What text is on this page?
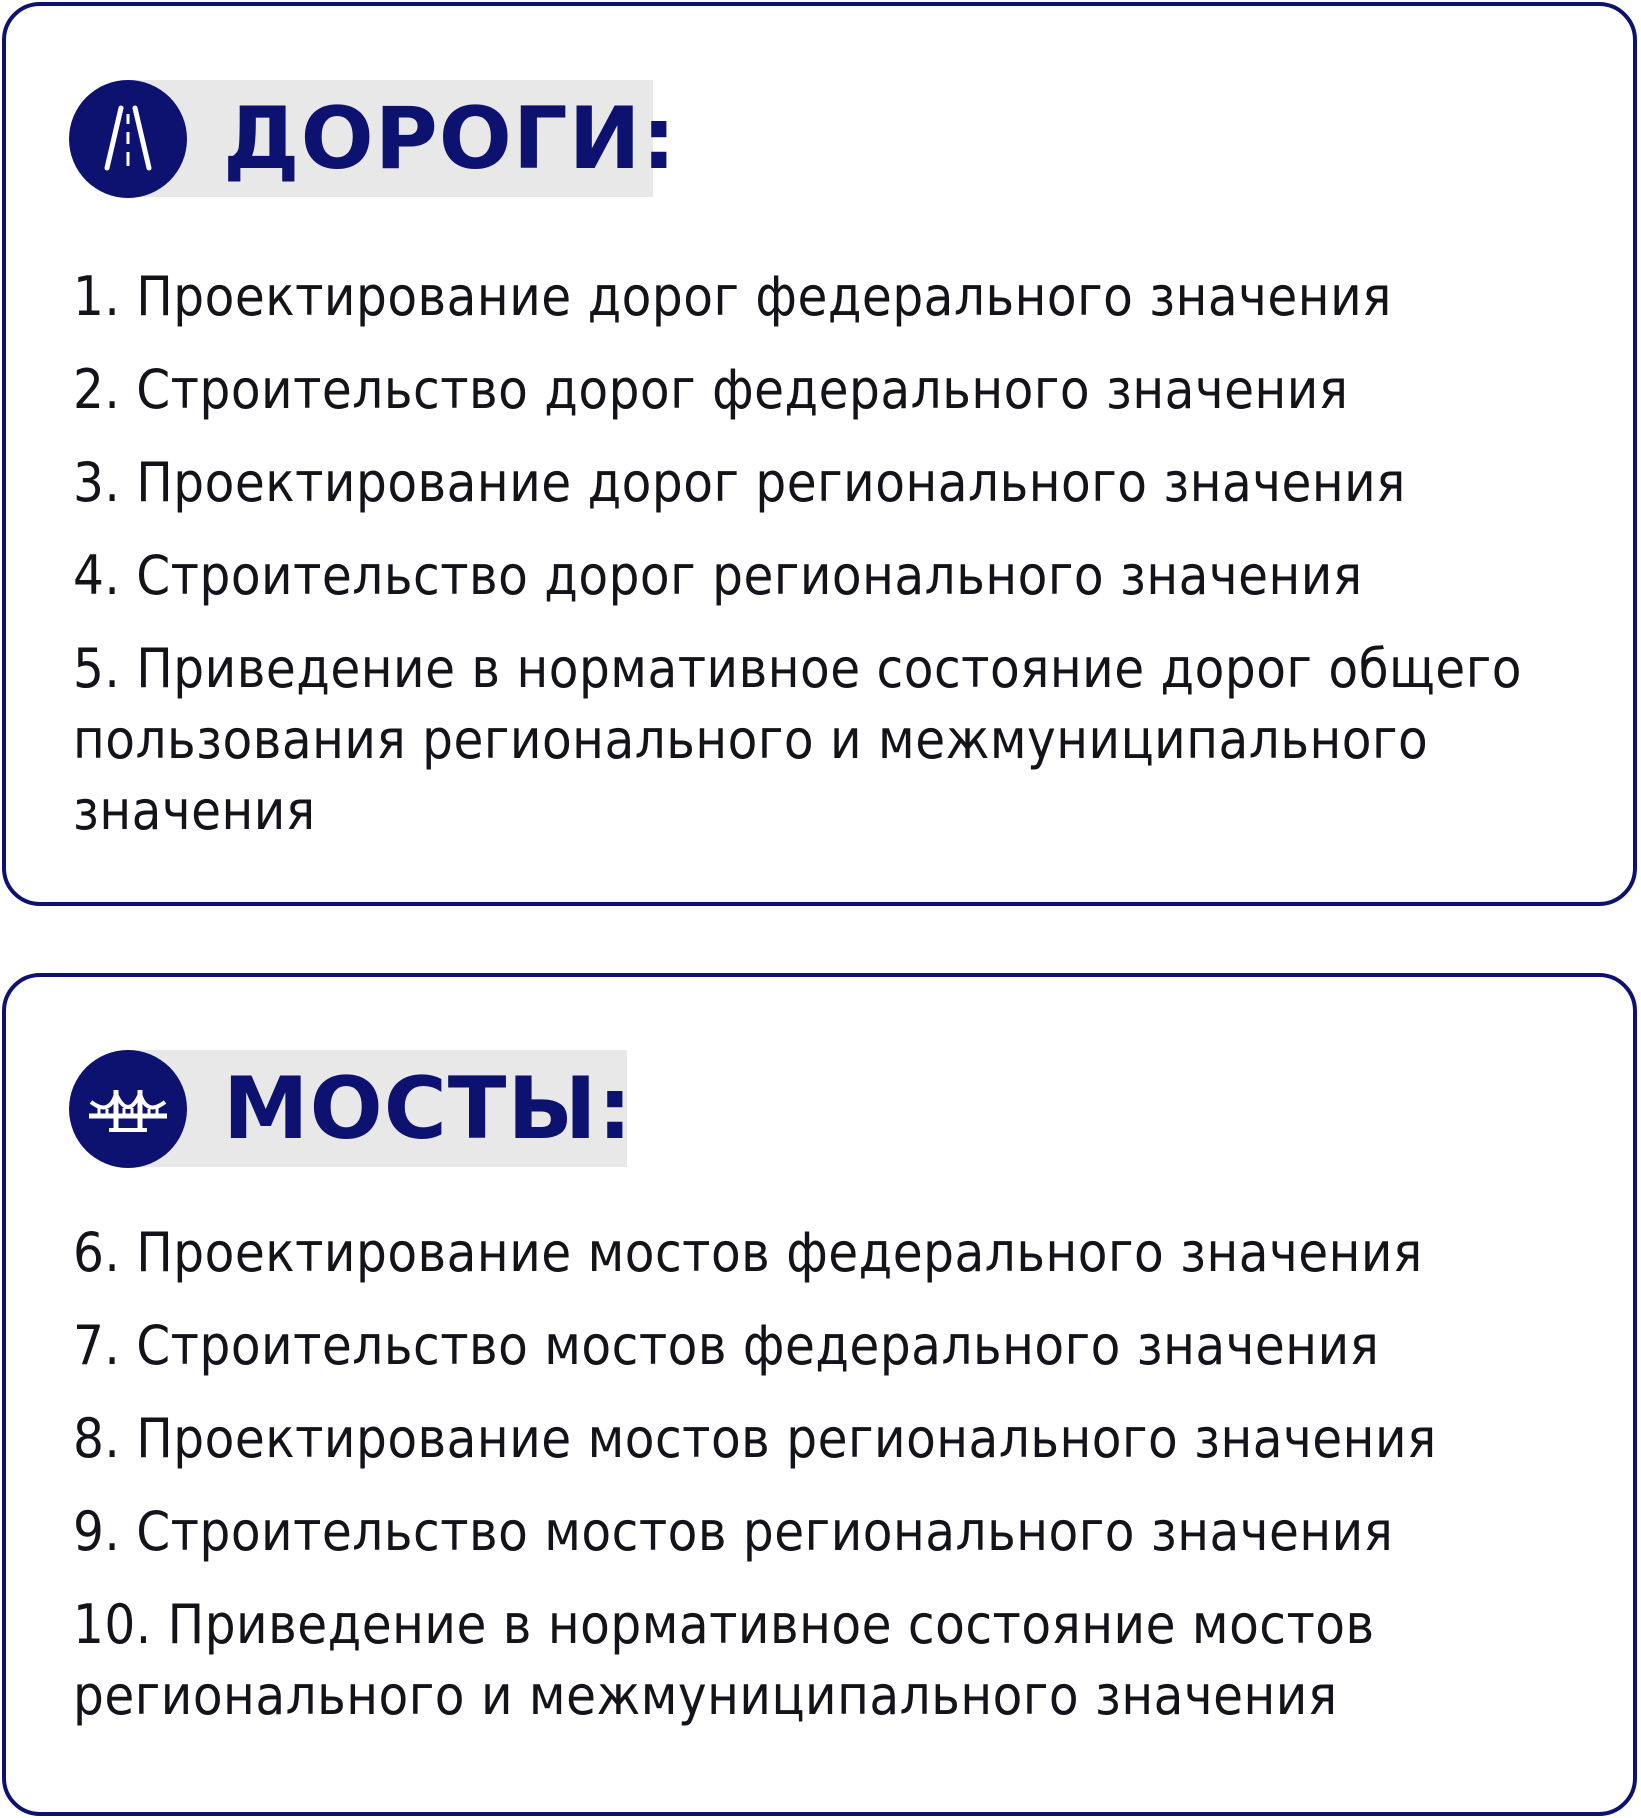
ДОРОГИ:
1. Проектирование дорог федерального значения
2. Строительство дорог федерального значения
3. Проектирование дорог регионального значения
4. Строительство дорог регионального значения
5. Приведение в нормативное состояние дорог общего
пользования регионального и межмуниципального
значения
МОСТЫ:
6. Проектирование мостов федерального значения
7. Строительство мостов федерального значения
8. Проектирование мостов регионального значения
9. Строительство мостов регионального значения
10. Приведение в нормативное состояние мостов
регионального и межмуниципального значения
